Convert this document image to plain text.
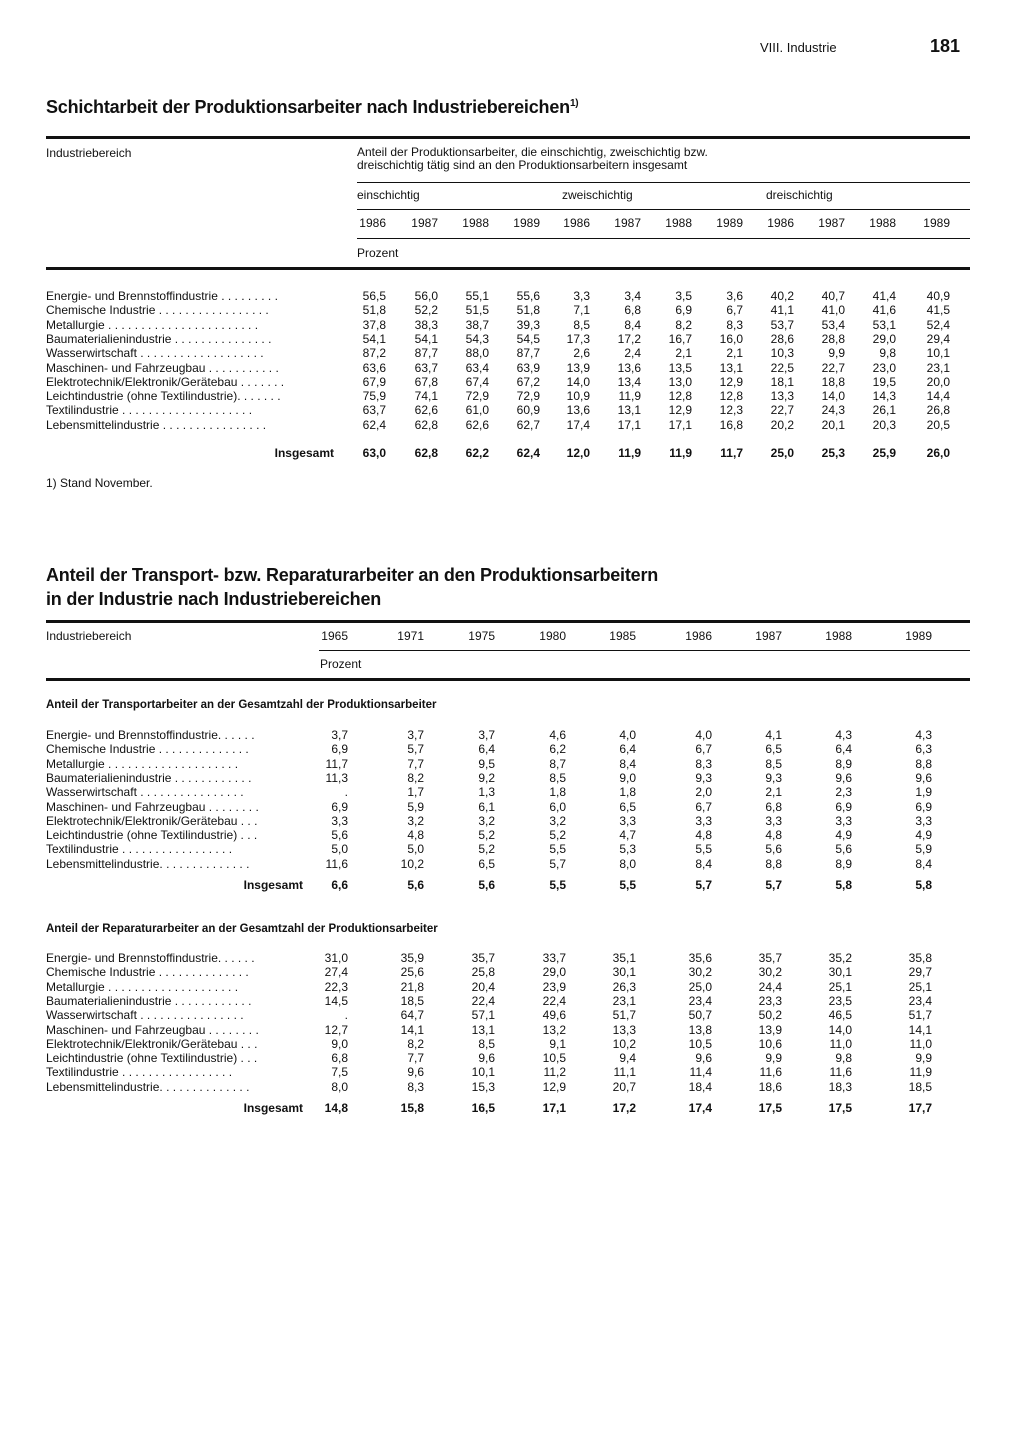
VIII. Industrie	181
Schichtarbeit der Produktionsarbeiter nach Industriebereichen$^{1)}$
Industriebereich	Anteil der Produktionsarbeiter, die einschichtig, zweischichtig bzw.
dreischichtig tätig sind an den Produktionsarbeitern insgesamt
einschichtig	zweischichtig	dreischichtig
1986	1987	1988	1989	1986	1987	1988	1989	1986	1987	1988	1989
Prozent
Energie- und Brennstoffindustrie . . . . . . . . .	56,5	56,0	55,1	55,6	3,3	3,4	3,5	3,6	40,2	40,7	41,4	40,9
Chemische Industrie . . . . . . . . . . . . . . . . .	51,8	52,2	51,5	51,8	7,1	6,8	6,9	6,7	41,1	41,0	41,6	41,5
Metallurgie . . . . . . . . . . . . . . . . . . . . . . .	37,8	38,3	38,7	39,3	8,5	8,4	8,2	8,3	53,7	53,4	53,1	52,4
Baumaterialienindustrie . . . . . . . . . . . . . . .	54,1	54,1	54,3	54,5	17,3	17,2	16,7	16,0	28,6	28,8	29,0	29,4
Wasserwirtschaft . . . . . . . . . . . . . . . . . . .	87,2	87,7	88,0	87,7	2,6	2,4	2,1	2,1	10,3	9,9	9,8	10,1
Maschinen- und Fahrzeugbau . . . . . . . . . . .	63,6	63,7	63,4	63,9	13,9	13,6	13,5	13,1	22,5	22,7	23,0	23,1
Elektrotechnik/Elektronik/Gerätebau . . . . . . .	67,9	67,8	67,4	67,2	14,0	13,4	13,0	12,9	18,1	18,8	19,5	20,0
Leichtindustrie (ohne Textilindustrie). . . . . . .	75,9	74,1	72,9	72,9	10,9	11,9	12,8	12,8	13,3	14,0	14,3	14,4
Textilindustrie . . . . . . . . . . . . . . . . . . . .	63,7	62,6	61,0	60,9	13,6	13,1	12,9	12,3	22,7	24,3	26,1	26,8
Lebensmittelindustrie . . . . . . . . . . . . . . . .	62,4	62,8	62,6	62,7	17,4	17,1	17,1	16,8	20,2	20,1	20,3	20,5
Insgesamt	63,0	62,8	62,2	62,4	12,0	11,9	11,9	11,7	25,0	25,3	25,9	26,0
1) Stand November.
Anteil der Transport- bzw. Reparaturarbeiter an den Produktionsarbeitern
in der Industrie nach Industriebereichen
Industriebereich	1965	1971	1975	1980	1985	1986	1987	1988	1989
Prozent
Anteil der Transportarbeiter an der Gesamtzahl der Produktionsarbeiter
Energie- und Brennstoffindustrie. . . . . .	3,7	3,7	3,7	4,6	4,0	4,0	4,1	4,3	4,3
Chemische Industrie . . . . . . . . . . . . . .	6,9	5,7	6,4	6,2	6,4	6,7	6,5	6,4	6,3
Metallurgie . . . . . . . . . . . . . . . . . . . .	11,7	7,7	9,5	8,7	8,4	8,3	8,5	8,9	8,8
Baumaterialienindustrie . . . . . . . . . . . .	11,3	8,2	9,2	8,5	9,0	9,3	9,3	9,6	9,6
Wasserwirtschaft . . . . . . . . . . . . . . . .	.	1,7	1,3	1,8	1,8	2,0	2,1	2,3	1,9
Maschinen- und Fahrzeugbau . . . . . . . .	6,9	5,9	6,1	6,0	6,5	6,7	6,8	6,9	6,9
Elektrotechnik/Elektronik/Gerätebau . . .	3,3	3,2	3,2	3,2	3,3	3,3	3,3	3,3	3,3
Leichtindustrie (ohne Textilindustrie) . . .	5,6	4,8	5,2	5,2	4,7	4,8	4,8	4,9	4,9
Textilindustrie . . . . . . . . . . . . . . . . .	5,0	5,0	5,2	5,5	5,3	5,5	5,6	5,6	5,9
Lebensmittelindustrie. . . . . . . . . . . . . .	11,6	10,2	6,5	5,7	8,0	8,4	8,8	8,9	8,4
Insgesamt	6,6	5,6	5,6	5,5	5,5	5,7	5,7	5,8	5,8
Anteil der Reparaturarbeiter an der Gesamtzahl der Produktionsarbeiter
Energie- und Brennstoffindustrie. . . . . .	31,0	35,9	35,7	33,7	35,1	35,6	35,7	35,2	35,8
Chemische Industrie . . . . . . . . . . . . . .	27,4	25,6	25,8	29,0	30,1	30,2	30,2	30,1	29,7
Metallurgie . . . . . . . . . . . . . . . . . . . .	22,3	21,8	20,4	23,9	26,3	25,0	24,4	25,1	25,1
Baumaterialienindustrie . . . . . . . . . . . .	14,5	18,5	22,4	22,4	23,1	23,4	23,3	23,5	23,4
Wasserwirtschaft . . . . . . . . . . . . . . . .	.	64,7	57,1	49,6	51,7	50,7	50,2	46,5	51,7
Maschinen- und Fahrzeugbau . . . . . . . .	12,7	14,1	13,1	13,2	13,3	13,8	13,9	14,0	14,1
Elektrotechnik/Elektronik/Gerätebau . . .	9,0	8,2	8,5	9,1	10,2	10,5	10,6	11,0	11,0
Leichtindustrie (ohne Textilindustrie) . . .	6,8	7,7	9,6	10,5	9,4	9,6	9,9	9,8	9,9
Textilindustrie . . . . . . . . . . . . . . . . .	7,5	9,6	10,1	11,2	11,1	11,4	11,6	11,6	11,9
Lebensmittelindustrie. . . . . . . . . . . . . .	8,0	8,3	15,3	12,9	20,7	18,4	18,6	18,3	18,5
Insgesamt	14,8	15,8	16,5	17,1	17,2	17,4	17,5	17,5	17,7
